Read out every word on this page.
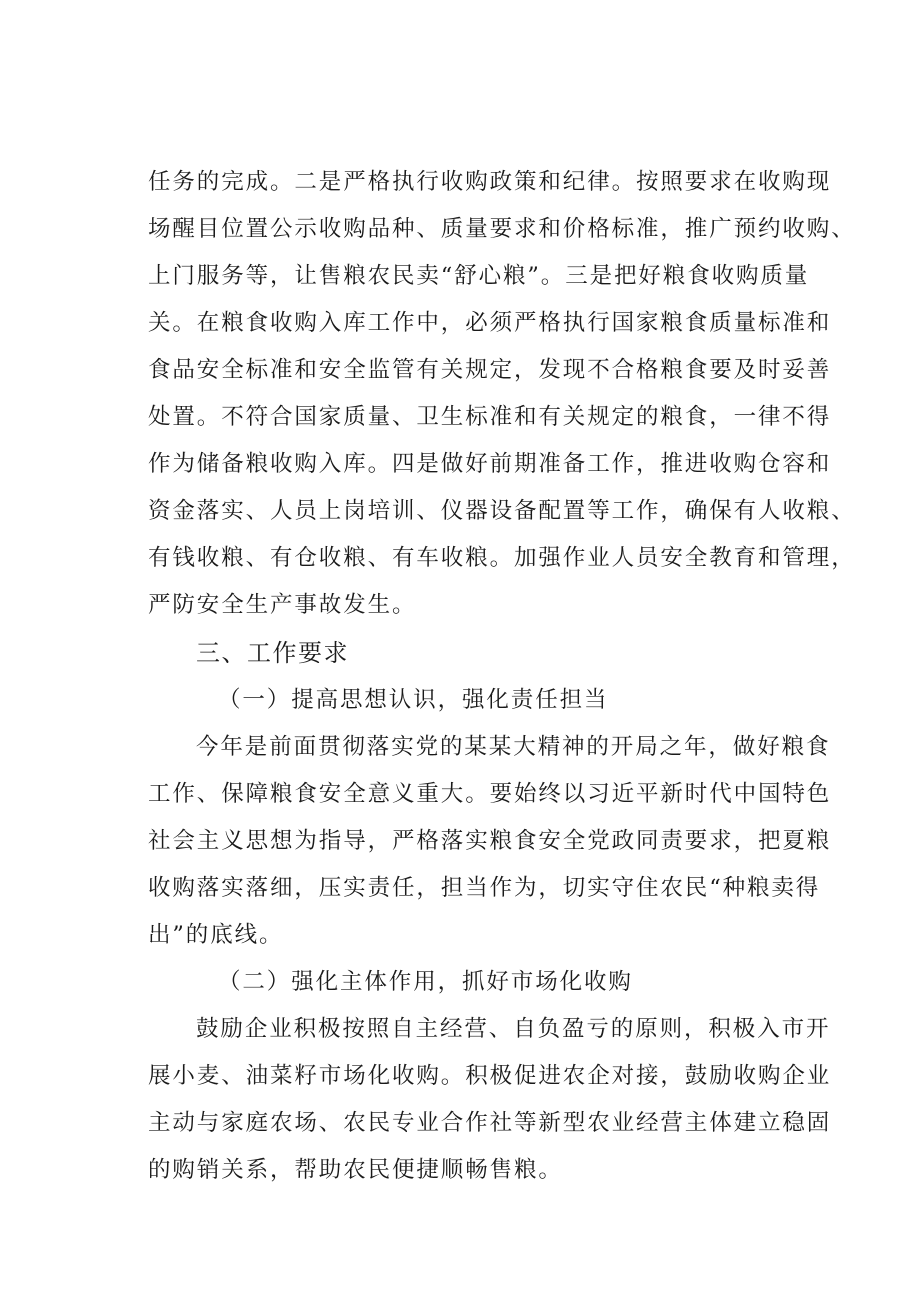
任务的完成。二是严格执行收购政策和纪律。按照要求在收购现
场醒目位置公示收购品种、质量要求和价格标准，推广预约收购、
上门服务等，让售粮农民卖“舒心粮”。三是把好粮食收购质量
关。在粮食收购入库工作中，必须严格执行国家粮食质量标准和
食品安全标准和安全监管有关规定，发现不合格粮食要及时妥善
处置。不符合国家质量、卫生标准和有关规定的粮食，一律不得
作为储备粮收购入库。四是做好前期准备工作，推进收购仓容和
资金落实、人员上岗培训、仪器设备配置等工作，确保有人收粮、
有钱收粮、有仓收粮、有车收粮。加强作业人员安全教育和管理，
严防安全生产事故发生。
三、工作要求
（一）提高思想认识，强化责任担当
今年是前面贯彻落实党的某某大精神的开局之年，做好粮食
工作、保障粮食安全意义重大。要始终以习近平新时代中国特色
社会主义思想为指导，严格落实粮食安全党政同责要求，把夏粮
收购落实落细，压实责任，担当作为，切实守住农民“种粮卖得
出”的底线。
（二）强化主体作用，抓好市场化收购
鼓励企业积极按照自主经营、自负盈亏的原则，积极入市开
展小麦、油菜籽市场化收购。积极促进农企对接，鼓励收购企业
主动与家庭农场、农民专业合作社等新型农业经营主体建立稳固
的购销关系，帮助农民便捷顺畅售粮。
